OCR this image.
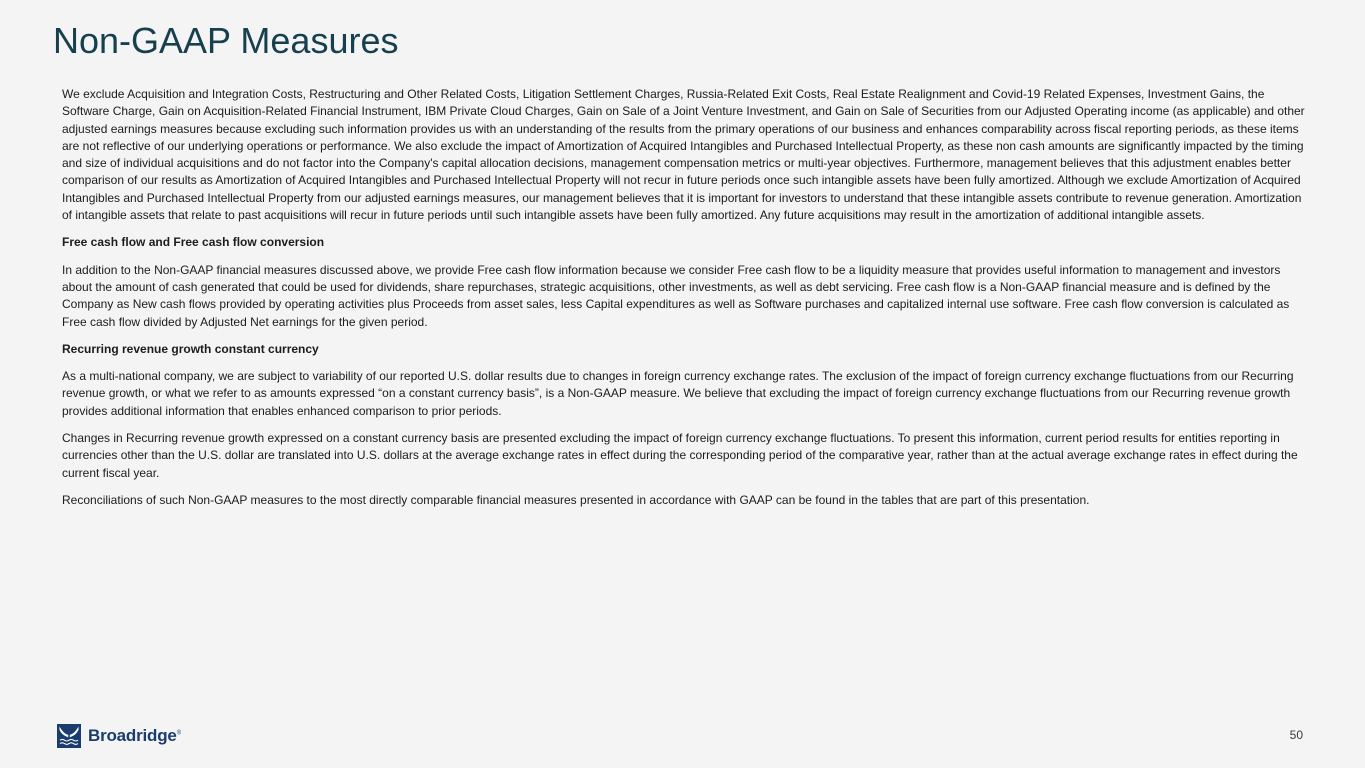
Non-GAAP Measures

We exclude Acquisition and Integration Costs, Restructuring and Other Related Costs, Litigation Settlement Charges, Russia-Related Exit Costs, Real Estate Realignment and Covid-19 Related Expenses, Investment Gains, the Software Charge, Gain on Acquisition-Related Financial Instrument, IBM Private Cloud Charges, Gain on Sale of a Joint Venture Investment, and Gain on Sale of Securities from our Adjusted Operating income (as applicable) and other adjusted earnings measures because excluding such information provides us with an understanding of the results from the primary operations of our business and enhances comparability across fiscal reporting periods, as these items are not reflective of our underlying operations or performance. We also exclude the impact of Amortization of Acquired Intangibles and Purchased Intellectual Property, as these non cash amounts are significantly impacted by the timing and size of individual acquisitions and do not factor into the Company's capital allocation decisions, management compensation metrics or multi-year objectives. Furthermore, management believes that this adjustment enables better comparison of our results as Amortization of Acquired Intangibles and Purchased Intellectual Property will not recur in future periods once such intangible assets have been fully amortized. Although we exclude Amortization of Acquired Intangibles and Purchased Intellectual Property from our adjusted earnings measures, our management believes that it is important for investors to understand that these intangible assets contribute to revenue generation. Amortization of intangible assets that relate to past acquisitions will recur in future periods until such intangible assets have been fully amortized. Any future acquisitions may result in the amortization of additional intangible assets.

Free cash flow and Free cash flow conversion

In addition to the Non-GAAP financial measures discussed above, we provide Free cash flow information because we consider Free cash flow to be a liquidity measure that provides useful information to management and investors about the amount of cash generated that could be used for dividends, share repurchases, strategic acquisitions, other investments, as well as debt servicing. Free cash flow is a Non-GAAP financial measure and is defined by the Company as New cash flows provided by operating activities plus Proceeds from asset sales, less Capital expenditures as well as Software purchases and capitalized internal use software. Free cash flow conversion is calculated as Free cash flow divided by Adjusted Net earnings for the given period.

Recurring revenue growth constant currency

As a multi-national company, we are subject to variability of our reported U.S. dollar results due to changes in foreign currency exchange rates. The exclusion of the impact of foreign currency exchange fluctuations from our Recurring revenue growth, or what we refer to as amounts expressed “on a constant currency basis”, is a Non-GAAP measure. We believe that excluding the impact of foreign currency exchange fluctuations from our Recurring revenue growth provides additional information that enables enhanced comparison to prior periods.

Changes in Recurring revenue growth expressed on a constant currency basis are presented excluding the impact of foreign currency exchange fluctuations. To present this information, current period results for entities reporting in currencies other than the U.S. dollar are translated into U.S. dollars at the average exchange rates in effect during the corresponding period of the comparative year, rather than at the actual average exchange rates in effect during the current fiscal year.

Reconciliations of such Non-GAAP measures to the most directly comparable financial measures presented in accordance with GAAP can be found in the tables that are part of this presentation.

Broadridge®	50
